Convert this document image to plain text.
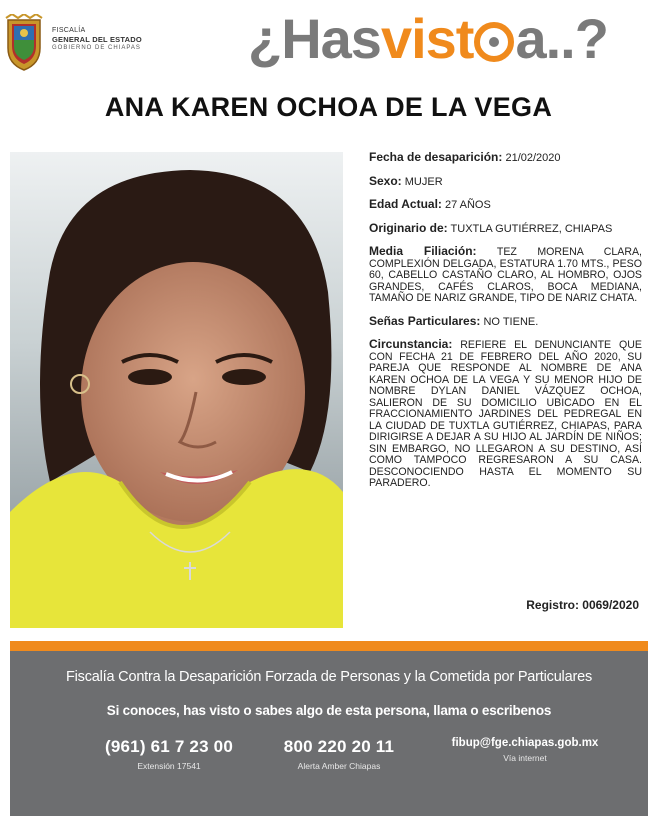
FISCALÍA
GENERAL DEL ESTADO
GOBIERNO DE CHIAPAS ¿Hasvist a..?
ANA KAREN OCHOA DE LA VEGA
Fecha de desaparición: 21/02/2020
Sexo: MUJER
Edad Actual: 27 AÑOS
Originario de: TUXTLA GUTIÉRREZ, CHIAPAS
Media Filiación: TEZ MORENA CLARA, COMPLEXIÓN DELGADA, ESTATURA 1.70 MTS., PESO 60, CABELLO CASTAÑO CLARO, AL HOMBRO, OJOS GRANDES, CAFÉS CLAROS, BOCA MEDIANA, TAMAÑO DE NARIZ GRANDE, TIPO DE NARIZ CHATA.
Señas Particulares: NO TIENE.
Circunstancia: REFIERE EL DENUNCIANTE QUE CON FECHA 21 DE FEBRERO DEL AÑO 2020, SU PAREJA QUE RESPONDE AL NOMBRE DE ANA KAREN OCHOA DE LA VEGA Y SU MENOR HIJO DE NOMBRE DYLAN DANIEL VÁZQUEZ OCHOA, SALIERON DE SU DOMICILIO UBICADO EN EL FRACCIONAMIENTO JARDINES DEL PEDREGAL EN LA CIUDAD DE TUXTLA GUTIÉRREZ, CHIAPAS, PARA DIRIGIRSE A DEJAR A SU HIJO AL JARDÍN DE NIÑOS; SIN EMBARGO, NO LLEGARON A SU DESTINO, ASÍ COMO TAMPOCO REGRESARON A SU CASA. DESCONOCIENDO HASTA EL MOMENTO SU PARADERO.
Registro: 0069/2020
Fiscalía Contra la Desaparición Forzada de Personas y la Cometida por Particulares
Si conoces, has visto o sabes algo de esta persona, llama o escribenos
(961) 61 7 23 00
Extensión 17541
800 220 20 11
Alerta Amber Chiapas
fibup@fge.chiapas.gob.mx
Vía internet
